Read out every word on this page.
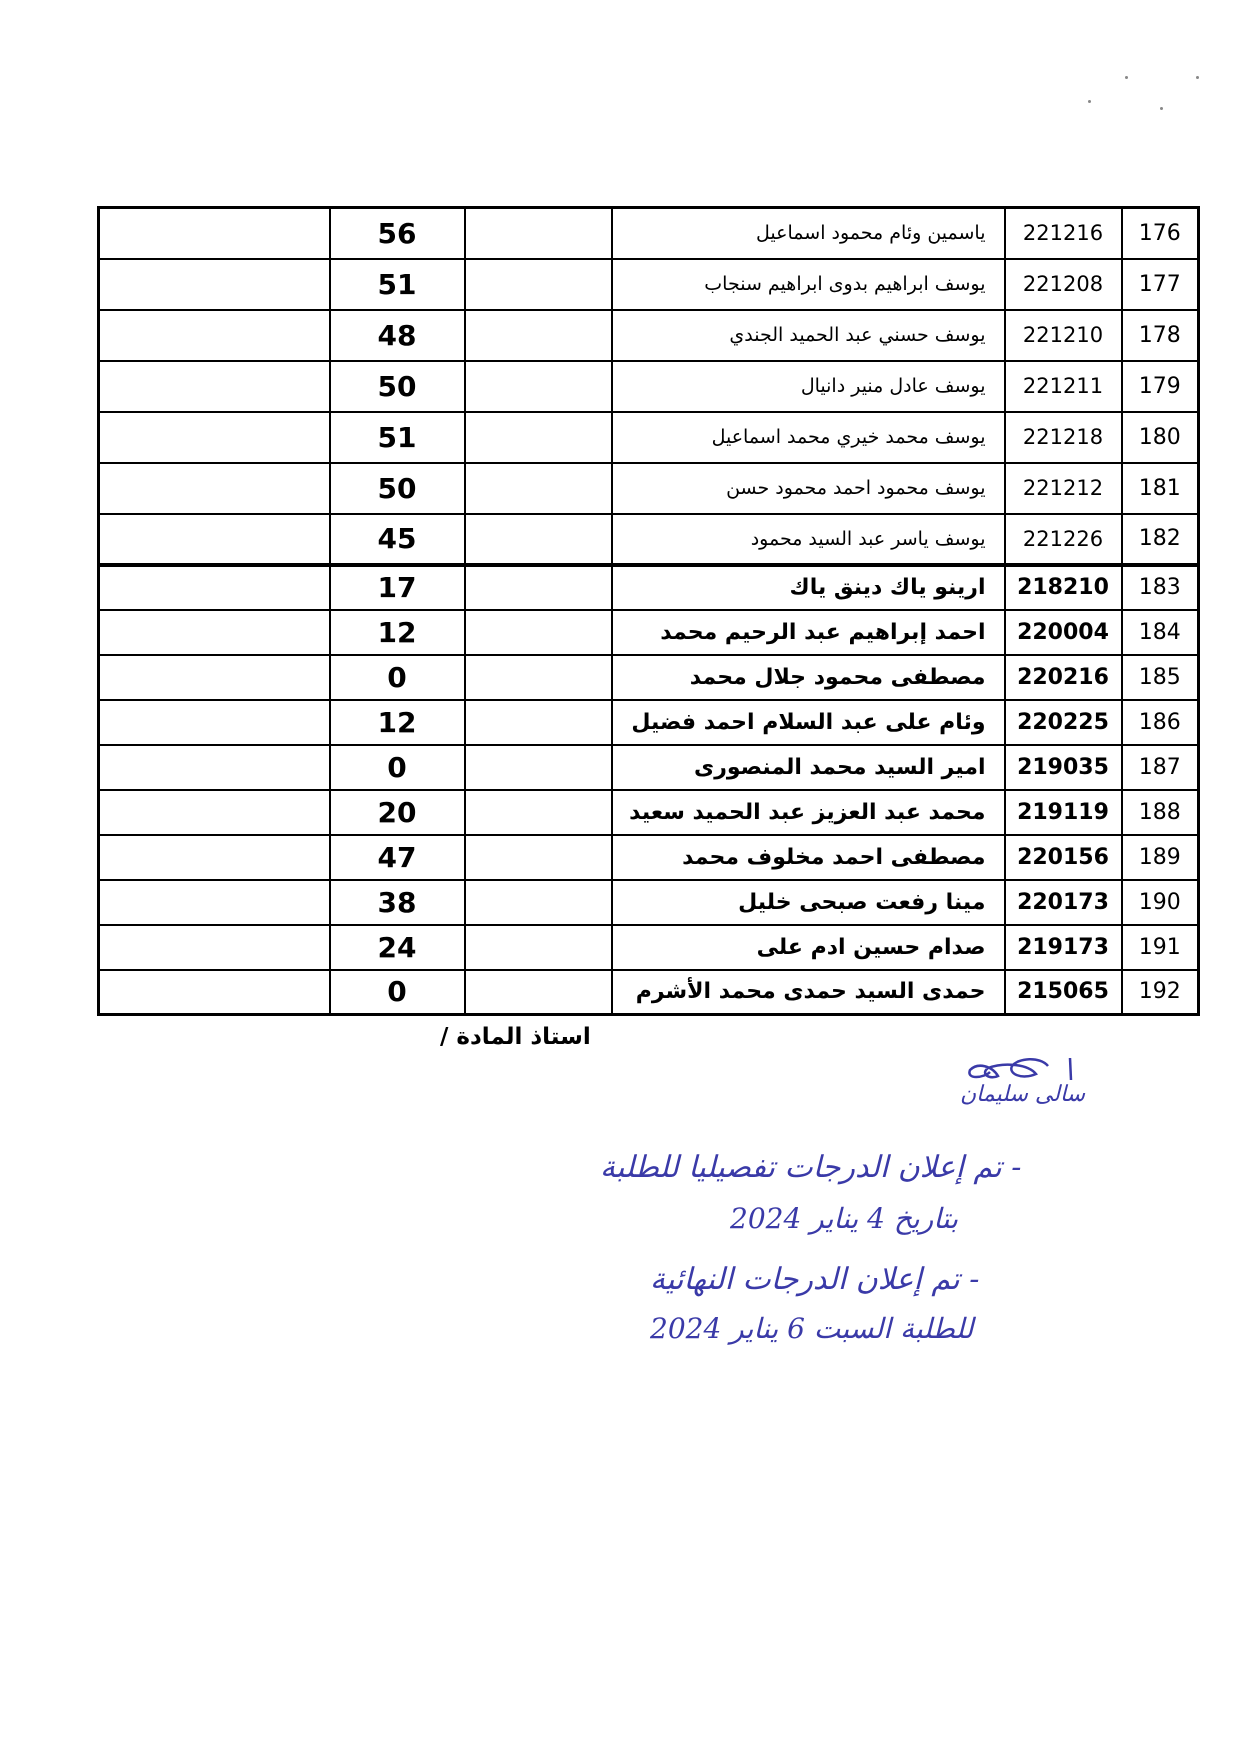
	56		ياسمين وئام محمود اسماعيل	221216	176
	51		يوسف ابراهيم بدوى ابراهيم سنجاب	221208	177
	48		يوسف حسني عبد الحميد الجندي	221210	178
	50		يوسف عادل منير دانيال	221211	179
	51		يوسف محمد خيري محمد اسماعيل	221218	180
	50		يوسف محمود احمد محمود حسن	221212	181
	45		يوسف ياسر عبد السيد محمود	221226	182
	17		ارينو ياك دينق ياك	218210	183
	12		احمد إبراهيم عبد الرحيم محمد	220004	184
	0		مصطفى محمود جلال محمد	220216	185
	12		وئام على عبد السلام احمد فضيل	220225	186
	0		امير السيد محمد المنصورى	219035	187
	20		محمد عبد العزيز عبد الحميد سعيد	219119	188
	47		مصطفى احمد مخلوف محمد	220156	189
	38		مينا رفعت صبحى خليل	220173	190
	24		صدام حسين ادم على	219173	191
	0		حمدى السيد حمدى محمد الأشرم	215065	192
استاذ المادة /
سالى سليمان
- تم إعلان الدرجات تفصيليا للطلبة
بتاريخ 4 يناير 2024
- تم إعلان الدرجات النهائية
للطلبة السبت 6 يناير 2024
